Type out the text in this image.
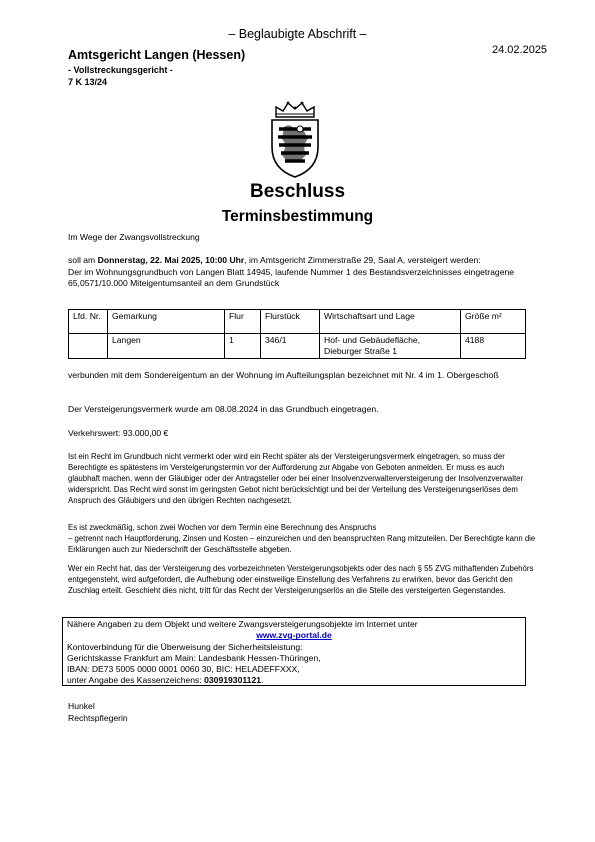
– Beglaubigte Abschrift –
Amtsgericht Langen (Hessen)	24.02.2025
- Vollstreckungsgericht -
7 K 13/24
Beschluss
Terminsbestimmung
Im Wege der Zwangsvollstreckung
soll am Donnerstag, 22. Mai 2025, 10:00 Uhr, im Amtsgericht Zimmerstraße 29, Saal A, versteigert werden:
Der im Wohnungsgrundbuch von Langen Blatt 14945, laufende Nummer 1 des Bestandsverzeichnisses eingetragene 65,0571/10.000 Miteigentumsanteil an dem Grundstück
Lfd. Nr.	Gemarkung	Flur	Flurstück	Wirtschaftsart und Lage	Größe m²
	Langen	1	346/1	Hof- und Gebäudefläche, Dieburger Straße 1	4188
verbunden mit dem Sondereigentum an der Wohnung im Aufteilungsplan bezeichnet mit Nr. 4 im 1. Obergeschoß
Der Versteigerungsvermerk wurde am 08.08.2024 in das Grundbuch eingetragen.
Verkehrswert: 93.000,00 €
Ist ein Recht im Grundbuch nicht vermerkt oder wird ein Recht später als der Versteigerungsvermerk eingetragen, so muss der Berechtigte es spätestens im Versteigerungstermin vor der Aufforderung zur Abgabe von Geboten anmelden. Er muss es auch glaubhaft machen, wenn der Gläubiger oder der Antragsteller oder bei einer Insolvenzverwalterversteigerung der Insolvenzverwalter widerspricht. Das Recht wird sonst im geringsten Gebot nicht berücksichtigt und bei der Verteilung des Versteigerungserlöses dem Anspruch des Gläubigers und den übrigen Rechten nachgesetzt.
Es ist zweckmäßig, schon zwei Wochen vor dem Termin eine Berechnung des Anspruchs
– getrennt nach Hauptforderung, Zinsen und Kosten – einzureichen und den beanspruchten Rang mitzuteilen. Der Berechtigte kann die Erklärungen auch zur Niederschrift der Geschäftsstelle abgeben.
Wer ein Recht hat, das der Versteigerung des vorbezeichneten Versteigerungsobjekts oder des nach § 55 ZVG mithaftenden Zubehörs entgegensteht, wird aufgefordert, die Aufhebung oder einstweilige Einstellung des Verfahrens zu erwirken, bevor das Gericht den Zuschlag erteilt. Geschieht dies nicht, tritt für das Recht der Versteigerungserlös an die Stelle des versteigerten Gegenstandes.
Nähere Angaben zu dem Objekt und weitere Zwangsversteigerungsobjekte im Internet unter
www.zvg-portal.de
Kontoverbindung für die Überweisung der Sicherheitsleistung:
Gerichtskasse Frankfurt am Main: Landesbank Hessen-Thüringen,
IBAN: DE73 5005 0000 0001 0060 30, BIC: HELADEFFXXX,
unter Angabe des Kassenzeichens: 030919301121.
Hunkel
Rechtspflegerin
